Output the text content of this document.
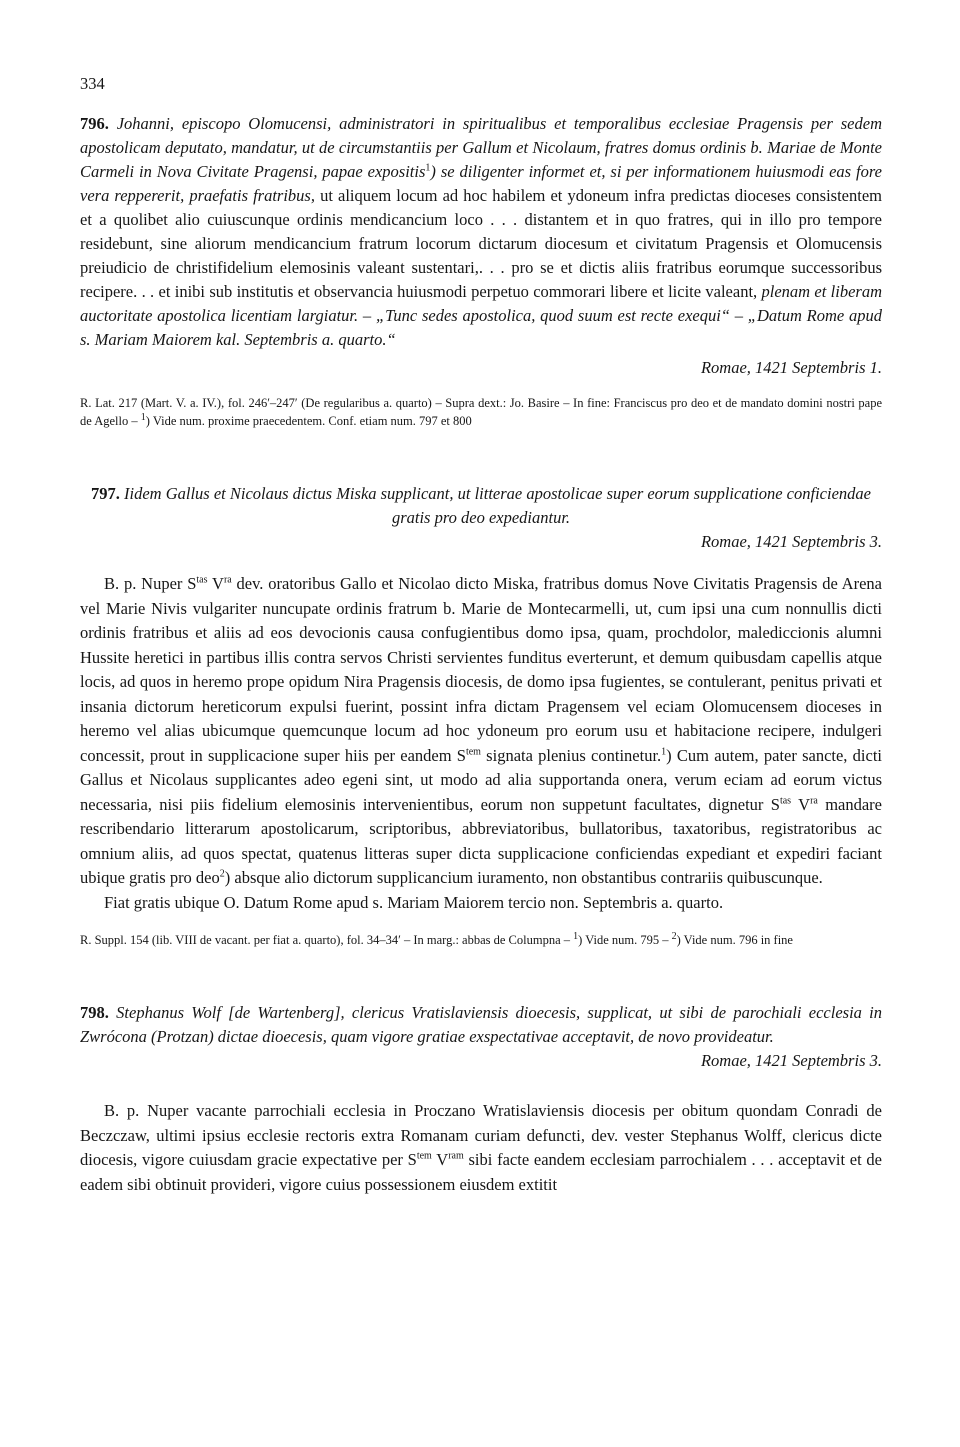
334

796. Johanni, episcopo Olomucensi, administratori in spiritualibus et temporalibus ecclesiae Pragensis per sedem apostolicam deputato, mandatur, ut de circumstantiis per Gallum et Nicolaum, fratres domus ordinis b. Mariae de Monte Carmeli in Nova Civitate Pragensi, papae expositis$^1$) se diligenter informet et, si per informationem huiusmodi eas fore vera reppererit, praefatis fratribus, ut aliquem locum ad hoc habilem et ydoneum infra predictas dioceses consistentem et a quolibet alio cuiuscunque ordinis mendicancium loco . . . distantem et in quo fratres, qui in illo pro tempore residebunt, sine aliorum mendicancium fratrum locorum dictarum diocesum et civitatum Pragensis et Olomucensis preiudicio de christifidelium elemosinis valeant sustentari,. . . pro se et dictis aliis fratribus eorumque successoribus recipere. . . et inibi sub institutis et observancia huiusmodi perpetuo commorari libere et licite valeant, plenam et liberam auctoritate apostolica licentiam largiatur. – „Tunc sedes apostolica, quod suum est recte exequi“ – „Datum Rome apud s. Mariam Maiorem kal. Septembris a. quarto.“

Romae, 1421 Septembris 1.

R. Lat. 217 (Mart. V. a. IV.), fol. 246′–247′ (De regularibus a. quarto) – Supra dext.: Jo. Basire – In fine: Franciscus pro deo et de mandato domini nostri pape de Agello – $^1$) Vide num. proxime praecedentem. Conf. etiam num. 797 et 800

797. Iidem Gallus et Nicolaus dictus Miska supplicant, ut litterae apostolicae super eorum supplicatione conficiendae gratis pro deo expediantur.

Romae, 1421 Septembris 3.

B. p. Nuper $S^{tas}$ $V^{ra}$ dev. oratoribus Gallo et Nicolao dicto Miska, fratribus domus Nove Civitatis Pragensis de Arena vel Marie Nivis vulgariter nuncupate ordinis fratrum b. Marie de Montecarmelli, ut, cum ipsi una cum nonnullis dicti ordinis fratribus et aliis ad eos devocionis causa confugientibus domo ipsa, quam, prochdolor, malediccionis alumni Hussite heretici in partibus illis contra servos Christi servientes funditus everterunt, et demum quibusdam capellis atque locis, ad quos in heremo prope opidum Nira Pragensis diocesis, de domo ipsa fugientes, se contulerant, penitus privati et insania dictorum hereticorum expulsi fuerint, possint infra dictam Pragensem vel eciam Olomucensem dioceses in heremo vel alias ubicumque quemcunque locum ad hoc ydoneum pro eorum usu et habitacione recipere, indulgeri concessit, prout in supplicacione super hiis per eandem $S^{tem}$ signata plenius continetur.$^1$) Cum autem, pater sancte, dicti Gallus et Nicolaus supplicantes adeo egeni sint, ut modo ad alia supportanda onera, verum eciam ad eorum victus necessaria, nisi piis fidelium elemosinis intervenientibus, eorum non suppetunt facultates, dignetur $S^{tas}$ $V^{ra}$ mandare rescribendario litterarum apostolicarum, scriptoribus, abbreviatoribus, bullatoribus, taxatoribus, registratoribus ac omnium aliis, ad quos spectat, quatenus litteras super dicta supplicacione conficiendas expediant et expediri faciant ubique gratis pro deo$^2$) absque alio dictorum supplicancium iuramento, non obstantibus contrariis quibuscunque.

Fiat gratis ubique O. Datum Rome apud s. Mariam Maiorem tercio non. Septembris a. quarto.

R. Suppl. 154 (lib. VIII de vacant. per fiat a. quarto), fol. 34–34′ – In marg.: abbas de Columpna – $^1$) Vide num. 795 – $^2$) Vide num. 796 in fine

798. Stephanus Wolf [de Wartenberg], clericus Vratislaviensis dioecesis, supplicat, ut sibi de parochiali ecclesia in Zwrócona (Protzan) dictae dioecesis, quam vigore gratiae exspectativae acceptavit, de novo provideatur.

Romae, 1421 Septembris 3.

B. p. Nuper vacante parrochiali ecclesia in Proczano Wratislaviensis diocesis per obitum quondam Conradi de Beczczaw, ultimi ipsius ecclesie rectoris extra Romanam curiam defuncti, dev. vester Stephanus Wolff, clericus dicte diocesis, vigore cuiusdam gracie expectative per $S^{tem}$ $V^{ram}$ sibi facte eandem ecclesiam parrochialem . . . acceptavit et de eadem sibi obtinuit provideri, vigore cuius possessionem eiusdem extitit
